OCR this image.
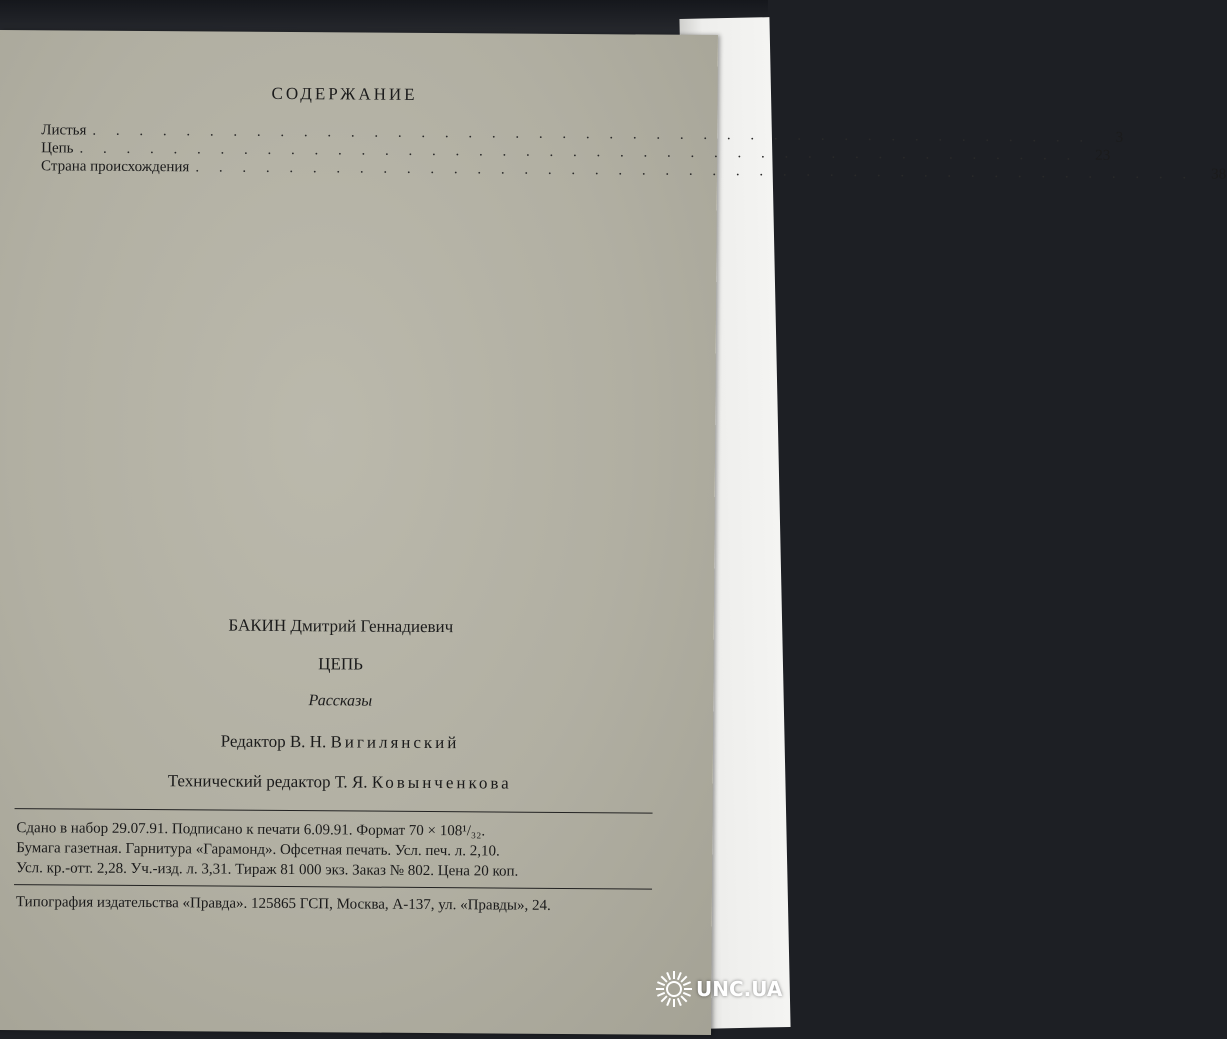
СОДЕРЖАНИЕ
Листья . . . . . . . . . . . . . . . . . . . . . . . . . . . . . . . . . . . . . . . . . . .	3
Цепь . . . . . . . . . . . . . . . . . . . . . . . . . . . . . . . . . . . . . . . . . . .	23
Страна происхождения . . . . . . . . . . . . . . . . . . . . . . . . . . . . . . . . . . . . . . . . . . .	38
БАКИН Дмитрий Геннадиевич
ЦЕПЬ
Рассказы
Редактор В. Н. Вигилянский
Технический редактор Т. Я. Ковынченкова
Сдано в набор 29.07.91. Подписано к печати 6.09.91. Формат 70 × 108¹/₃₂.
Бумага газетная. Гарнитура «Гарамонд». Офсетная печать. Усл. печ. л. 2,10.
Усл. кр.-отт. 2,28. Уч.-изд. л. 3,31. Тираж 81 000 экз. Заказ № 802. Цена 20 коп.
Типография издательства «Правда». 125865 ГСП, Москва, А-137, ул. «Правды», 24.
UNC.UA
